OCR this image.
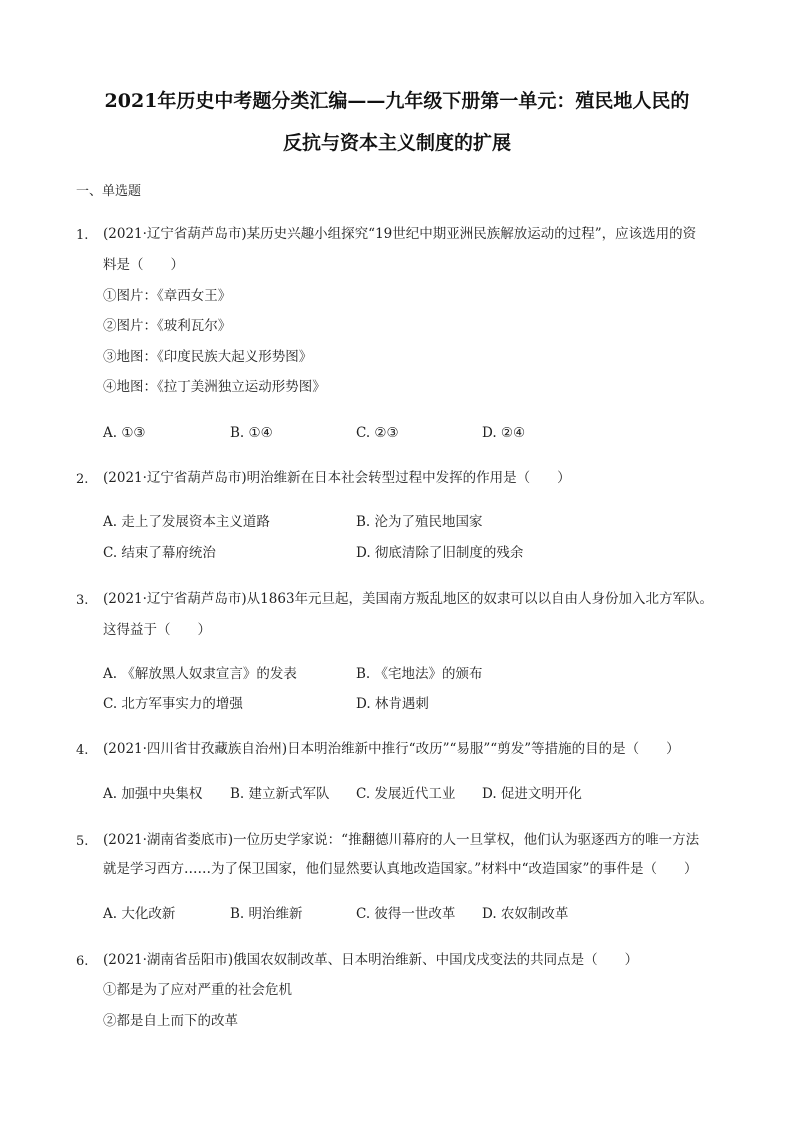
2021年历史中考题分类汇编——九年级下册第一单元：殖民地人民的
反抗与资本主义制度的扩展
一、单选题
1.	(2021·辽宁省葫芦岛市)某历史兴趣小组探究“19世纪中期亚洲民族解放运动的过程”，应该选用的资
料是（　　）
①图片：《章西女王》
②图片：《玻利瓦尔》
③地图：《印度民族大起义形势图》
④地图：《拉丁美洲独立运动形势图》
A. ①③	B. ①④	C. ②③	D. ②④
2.	(2021·辽宁省葫芦岛市)明治维新在日本社会转型过程中发挥的作用是（　　）
A. 走上了发展资本主义道路	B. 沦为了殖民地国家
C. 结束了幕府统治	D. 彻底清除了旧制度的残余
3.	(2021·辽宁省葫芦岛市)从1863年元旦起，美国南方叛乱地区的奴隶可以以自由人身份加入北方军队。
这得益于（　　）
A. 《解放黑人奴隶宣言》的发表	B. 《宅地法》的颁布
C. 北方军事实力的增强	D. 林肯遇刺
4.	(2021·四川省甘孜藏族自治州)日本明治维新中推行“改历”“易服”“剪发”等措施的目的是（　　）
A. 加强中央集权 B. 建立新式军队 C. 发展近代工业 D. 促进文明开化
5.	(2021·湖南省娄底市)一位历史学家说：“推翻德川幕府的人一旦掌权，他们认为驱逐西方的唯一方法
就是学习西方……为了保卫国家，他们显然要认真地改造国家。”材料中“改造国家”的事件是（　　）
A. 大化改新	B. 明治维新	C. 彼得一世改革 D. 农奴制改革
6.	(2021·湖南省岳阳市)俄国农奴制改革、日本明治维新、中国戊戌变法的共同点是（　　）
①都是为了应对严重的社会危机
②都是自上而下的改革
